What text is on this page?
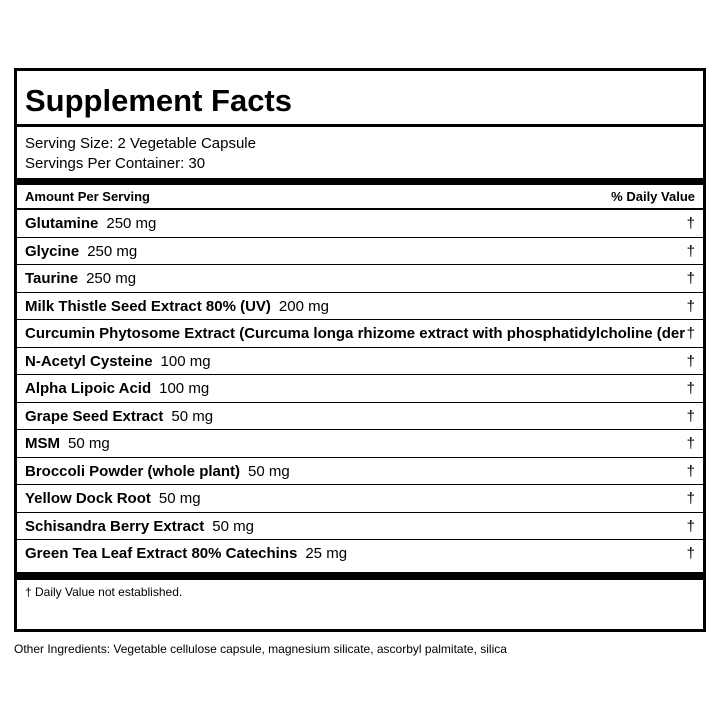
Supplement Facts
Serving Size: 2 Vegetable Capsule
Servings Per Container: 30
Amount Per Serving	% Daily Value
Glutamine 250 mg	†
Glycine 250 mg	†
Taurine 250 mg	†
Milk Thistle Seed Extract 80% (UV) 200 mg	†
Curcumin Phytosome Extract (Curcuma longa rhizome extract with phosphatidylcholine (der †
N-Acetyl Cysteine 100 mg	†
Alpha Lipoic Acid 100 mg	†
Grape Seed Extract 50 mg	†
MSM 50 mg	†
Broccoli Powder (whole plant) 50 mg	†
Yellow Dock Root 50 mg	†
Schisandra Berry Extract 50 mg	†
Green Tea Leaf Extract 80% Catechins 25 mg	†
† Daily Value not established.
Other Ingredients: Vegetable cellulose capsule, magnesium silicate, ascorbyl palmitate, silica
